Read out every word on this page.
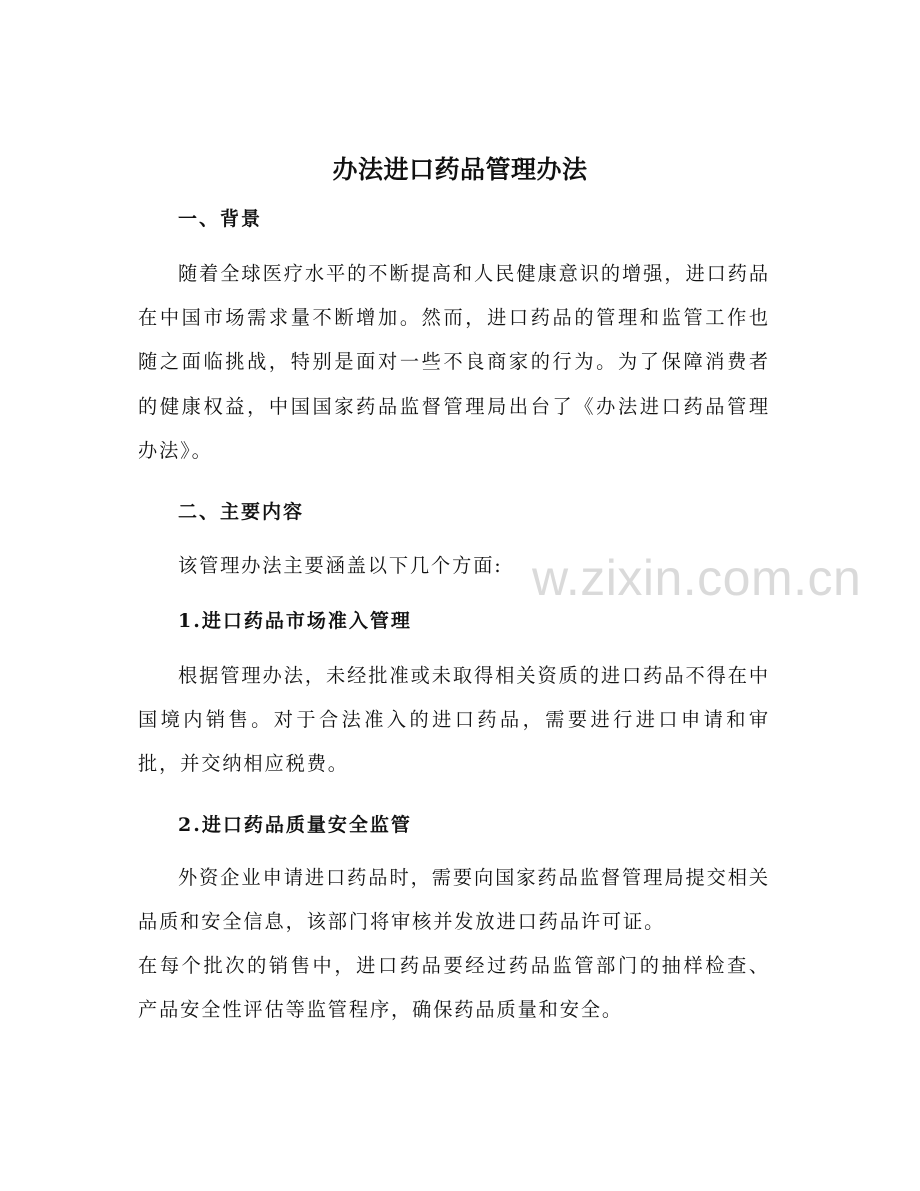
办法进口药品管理办法
一、背景
随着全球医疗水平的不断提高和人民健康意识的增强，进口药品在中国市场需求量不断增加。然而，进口药品的管理和监管工作也随之面临挑战，特别是面对一些不良商家的行为。为了保障消费者的健康权益，中国国家药品监督管理局出台了《办法进口药品管理办法》。
二、主要内容
该管理办法主要涵盖以下几个方面:
1.进口药品市场准入管理
根据管理办法，未经批准或未取得相关资质的进口药品不得在中国境内销售。对于合法准入的进口药品，需要进行进口申请和审批，并交纳相应税费。
2.进口药品质量安全监管
外资企业申请进口药品时，需要向国家药品监督管理局提交相关品质和安全信息，该部门将审核并发放进口药品许可证。
在每个批次的销售中，进口药品要经过药品监管部门的抽样检查、产品安全性评估等监管程序，确保药品质量和安全。
w.zixin.com.cn
